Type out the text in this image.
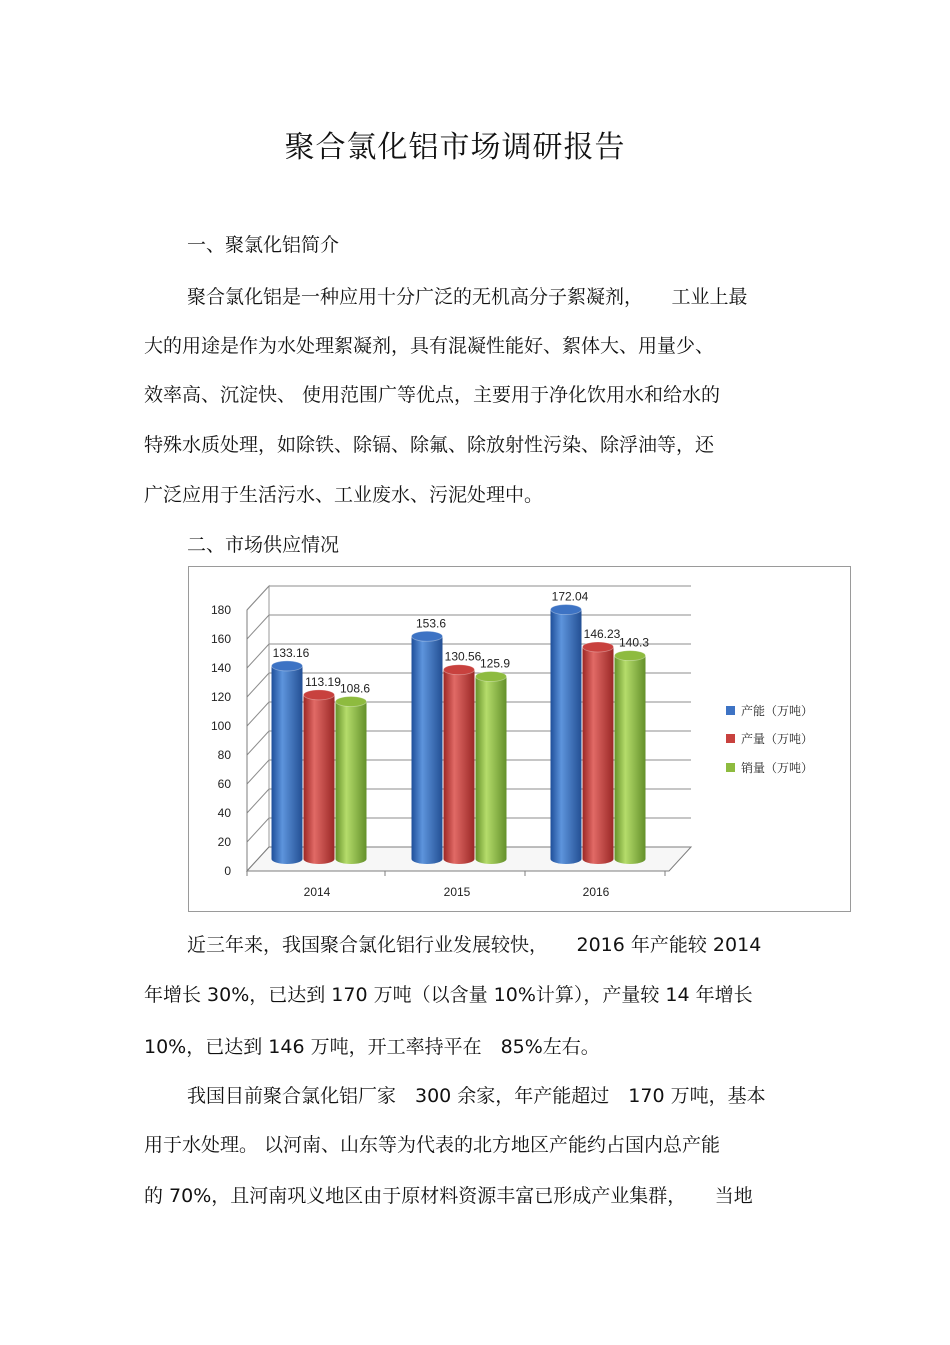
聚合氯化铝市场调研报告
一、聚氯化铝简介
聚合氯化铝是一种应用十分广泛的无机高分子絮凝剂，　　工业上最
大的用途是作为水处理絮凝剂，具有混凝性能好、絮体大、用量少、
效率高、沉淀快、 使用范围广等优点，主要用于净化饮用水和给水的
特殊水质处理，如除铁、除镉、除氟、除放射性污染、除浮油等，还
广泛应用于生活污水、工业废水、污泥处理中。
二、市场供应情况
0
20
40
60
80
100
120
140
160
180
2014	2015	2016
133.16
113.19 108.6
153.6
130.56
125.9
172.04
146.23
140.3
产能（万吨）
产量（万吨）
销量（万吨）
近三年来，我国聚合氯化铝行业发展较快，　　2016 年产能较 2014
年增长 30%，已达到 170 万吨（以含量 10%计算），产量较 14 年增长
10%，已达到 146 万吨，开工率持平在　85%左右。
我国目前聚合氯化铝厂家　300 余家，年产能超过　170 万吨，基本
用于水处理。 以河南、山东等为代表的北方地区产能约占国内总产能
的 70%，且河南巩义地区由于原材料资源丰富已形成产业集群，　　当地
